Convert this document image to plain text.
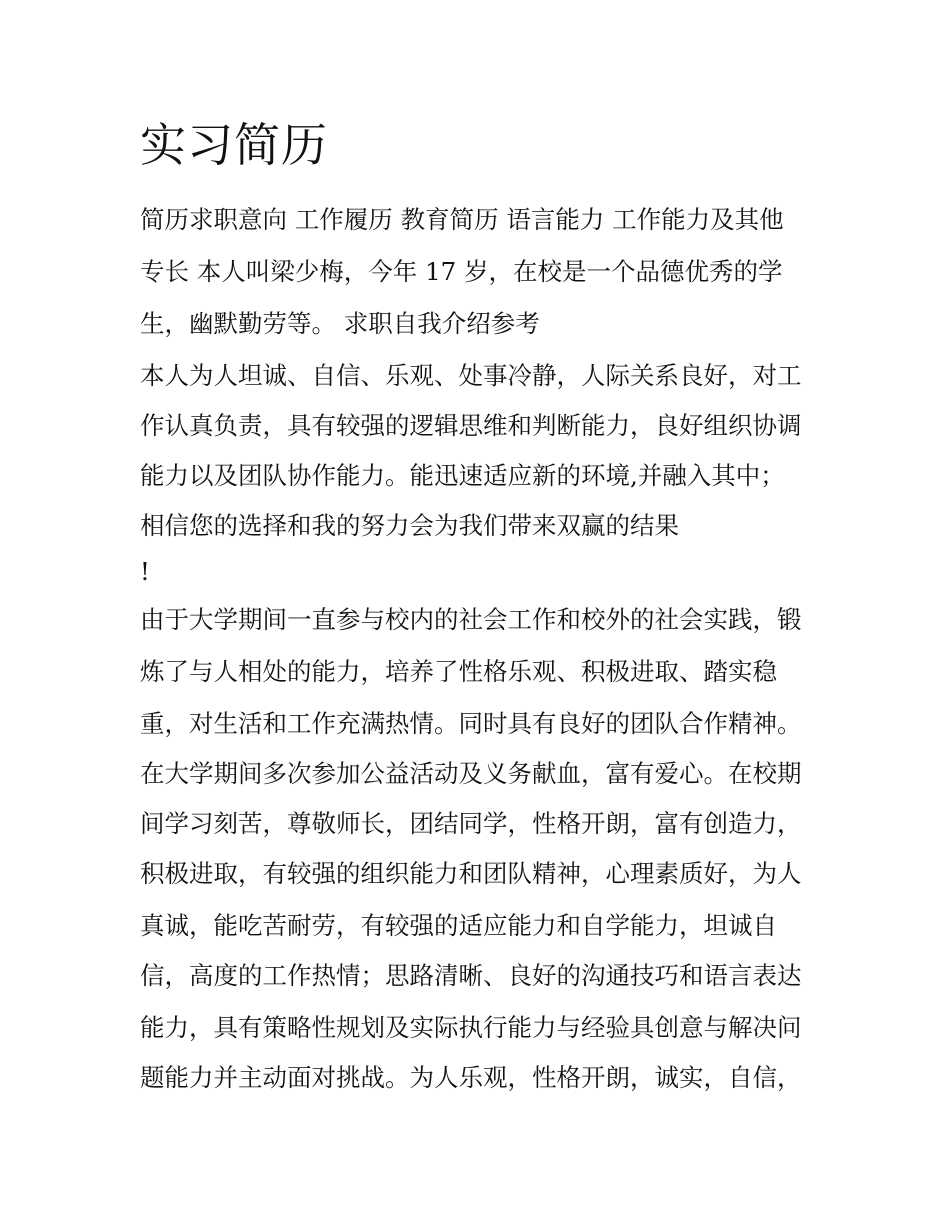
实习简历

简历求职意向 工作履历 教育简历 语言能力 工作能力及其他

专长 本人叫梁少梅，今年 17 岁，在校是一个品德优秀的学

生，幽默勤劳等。 求职自我介绍参考

本人为人坦诚、自信、乐观、处事冷静，人际关系良好，对工

作认真负责，具有较强的逻辑思维和判断能力，良好组织协调

能力以及团队协作能力。能迅速适应新的环境,并融入其中；

相信您的选择和我的努力会为我们带来双赢的结果

!

由于大学期间一直参与校内的社会工作和校外的社会实践，锻

炼了与人相处的能力，培养了性格乐观、积极进取、踏实稳

重，对生活和工作充满热情。同时具有良好的团队合作精神。

在大学期间多次参加公益活动及义务献血，富有爱心。在校期

间学习刻苦，尊敬师长，团结同学，性格开朗，富有创造力，

积极进取，有较强的组织能力和团队精神，心理素质好，为人

真诚，能吃苦耐劳，有较强的适应能力和自学能力，坦诚自

信，高度的工作热情；思路清晰、良好的沟通技巧和语言表达

能力，具有策略性规划及实际执行能力与经验具创意与解决问

题能力并主动面对挑战。为人乐观，性格开朗，诚实，自信，
